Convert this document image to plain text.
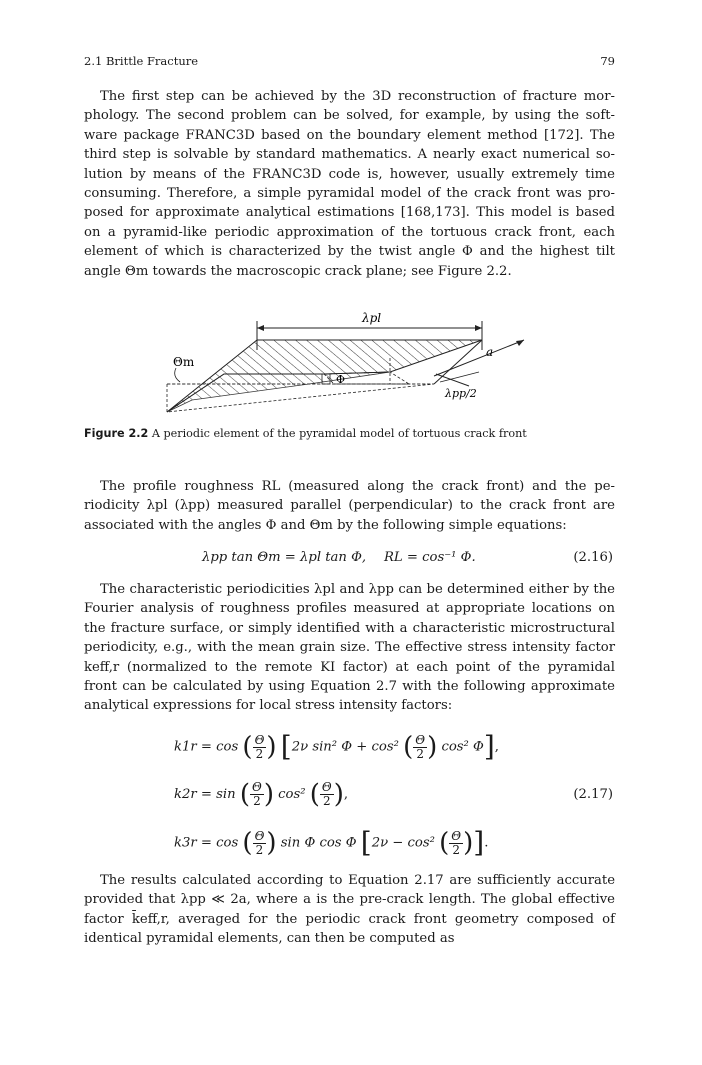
2.1 Brittle Fracture	79
The first step can be achieved by the 3D reconstruction of fracture mor-
phology. The second problem can be solved, for example, by using the soft-
ware package FRANC3D based on the boundary element method [172]. The
third step is solvable by standard mathematics. A nearly exact numerical so-
lution by means of the FRANC3D code is, however, usually extremely time
consuming. Therefore, a simple pyramidal model of the crack front was pro-
posed for approximate analytical estimations [168,173]. This model is based
on a pyramid-like periodic approximation of the tortuous crack front, each
element of which is characterized by the twist angle Φ and the highest tilt
angle Θm towards the macroscopic crack plane; see Figure 2.2.
λpl
a
λpp/2
Θm
Φ
Figure 2.2 A periodic element of the pyramidal model of tortuous crack front
The profile roughness RL (measured along the crack front) and the pe-
riodicity λpl (λpp) measured parallel (perpendicular) to the crack front are
associated with the angles Φ and Θm by the following simple equations:
λpp tan Θm = λpl tan Φ, RL = cos⁻¹ Φ.	(2.16)
The characteristic periodicities λpl and λpp can be determined either by the
Fourier analysis of roughness profiles measured at appropriate locations on
the fracture surface, or simply identified with a characteristic microstructural
periodicity, e.g., with the mean grain size. The effective stress intensity factor
keff,r (normalized to the remote KI factor) at each point of the pyramidal
front can be calculated by using Equation 2.7 with the following approximate
analytical expressions for local stress intensity factors:
k1r = cos ( $\frac{\Theta}{2}$ ) [2ν sin² Φ + cos² ( $\frac{\Theta}{2}$ ) cos² Φ],
k2r = sin ( $\frac{\Theta}{2}$ ) cos² ( $\frac{\Theta}{2}$ ),	(2.17)
k3r = cos ( $\frac{\Theta}{2}$ ) sin Φ cos Φ [2ν − cos² ( $\frac{\Theta}{2}$ )].
The results calculated according to Equation 2.17 are sufficiently accurate
provided that λpp ≪ 2a, where a is the pre-crack length. The global effective
factor k̄eff,r, averaged for the periodic crack front geometry composed of
identical pyramidal elements, can then be computed as
